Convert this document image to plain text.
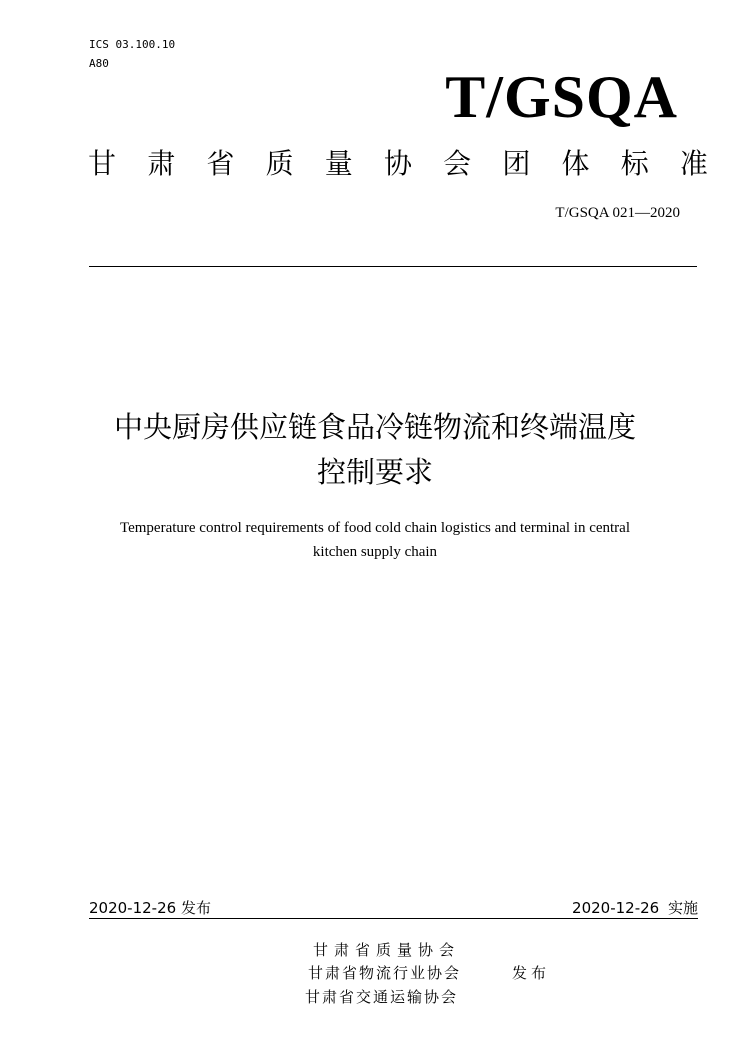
ICS 03.100.10
A80
T/GSQA
甘 肃 省 质 量 协 会 团 体 标 准
T/GSQA 021—2020
中央厨房供应链食品冷链物流和终端温度
控制要求
Temperature control requirements of food cold chain logistics and terminal in central
kitchen supply chain
2020-12-26 发布	2020-12-26 实施
甘肃省质量协会
甘肃省物流行业协会
甘肃省交通运输协会
发布
